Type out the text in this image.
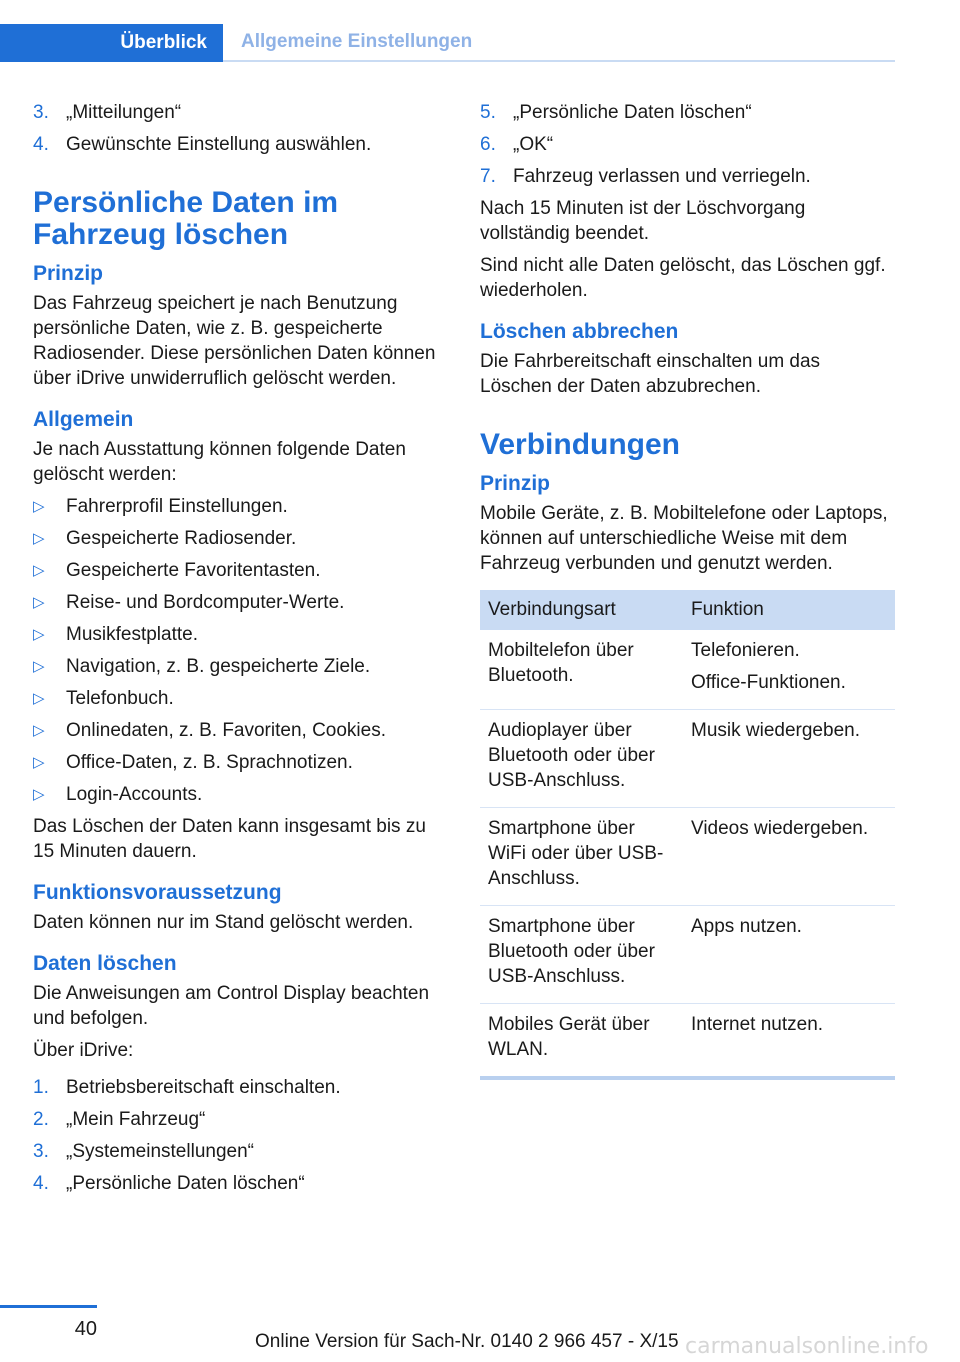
Überblick	Allgemeine Einstellungen
3. „Mitteilungen“
4. Gewünschte Einstellung auswählen.
Persönliche Daten im Fahrzeug löschen
Prinzip

Das Fahrzeug speichert je nach Benutzung persönliche Daten, wie z. B. gespeicherte Radiosender. Diese persönlichen Daten können über iDrive unwiderruflich gelöscht werden.

Allgemein

Je nach Ausstattung können folgende Daten gelöscht werden:

▷	Fahrerprofil Einstellungen.
▷	Gespeicherte Radiosender.
▷	Gespeicherte Favoritentasten.
▷	Reise- und Bordcomputer-Werte.
▷	Musikfestplatte.
▷	Navigation, z. B. gespeicherte Ziele.
▷	Telefonbuch.
▷	Onlinedaten, z. B. Favoriten, Cookies.
▷	Office-Daten, z. B. Sprachnotizen.
▷	Login-Accounts.

Das Löschen der Daten kann insgesamt bis zu 15 Minuten dauern.

Funktionsvoraussetzung

Daten können nur im Stand gelöscht werden.

Daten löschen

Die Anweisungen am Control Display beachten und befolgen.

Über iDrive:

1. Betriebsbereitschaft einschalten.
2. „Mein Fahrzeug“
3. „Systemeinstellungen“
4. „Persönliche Daten löschen“
5. „Persönliche Daten löschen“
6. „OK“
7. Fahrzeug verlassen und verriegeln.

Nach 15 Minuten ist der Löschvorgang vollständig beendet.

Sind nicht alle Daten gelöscht, das Löschen ggf. wiederholen.

Löschen abbrechen

Die Fahrbereitschaft einschalten um das Löschen der Daten abzubrechen.

Verbindungen
Prinzip

Mobile Geräte, z. B. Mobiltelefone oder Laptops, können auf unterschiedliche Weise mit dem Fahrzeug verbunden und genutzt werden.

Verbindungsart	Funktion
Mobiltelefon über Bluetooth.	Telefonieren.
Office-Funktionen.

Audioplayer über Bluetooth oder über USB-Anschluss.	Musik wiedergeben.

Smartphone über WiFi oder über USB-Anschluss.	Videos wiedergeben.

Smartphone über Bluetooth oder über USB-Anschluss.	Apps nutzen.

Mobiles Gerät über WLAN.	Internet nutzen.
40
Online Version für Sach-Nr. 0140 2 966 457 - X/15 carmanualsonline.info
